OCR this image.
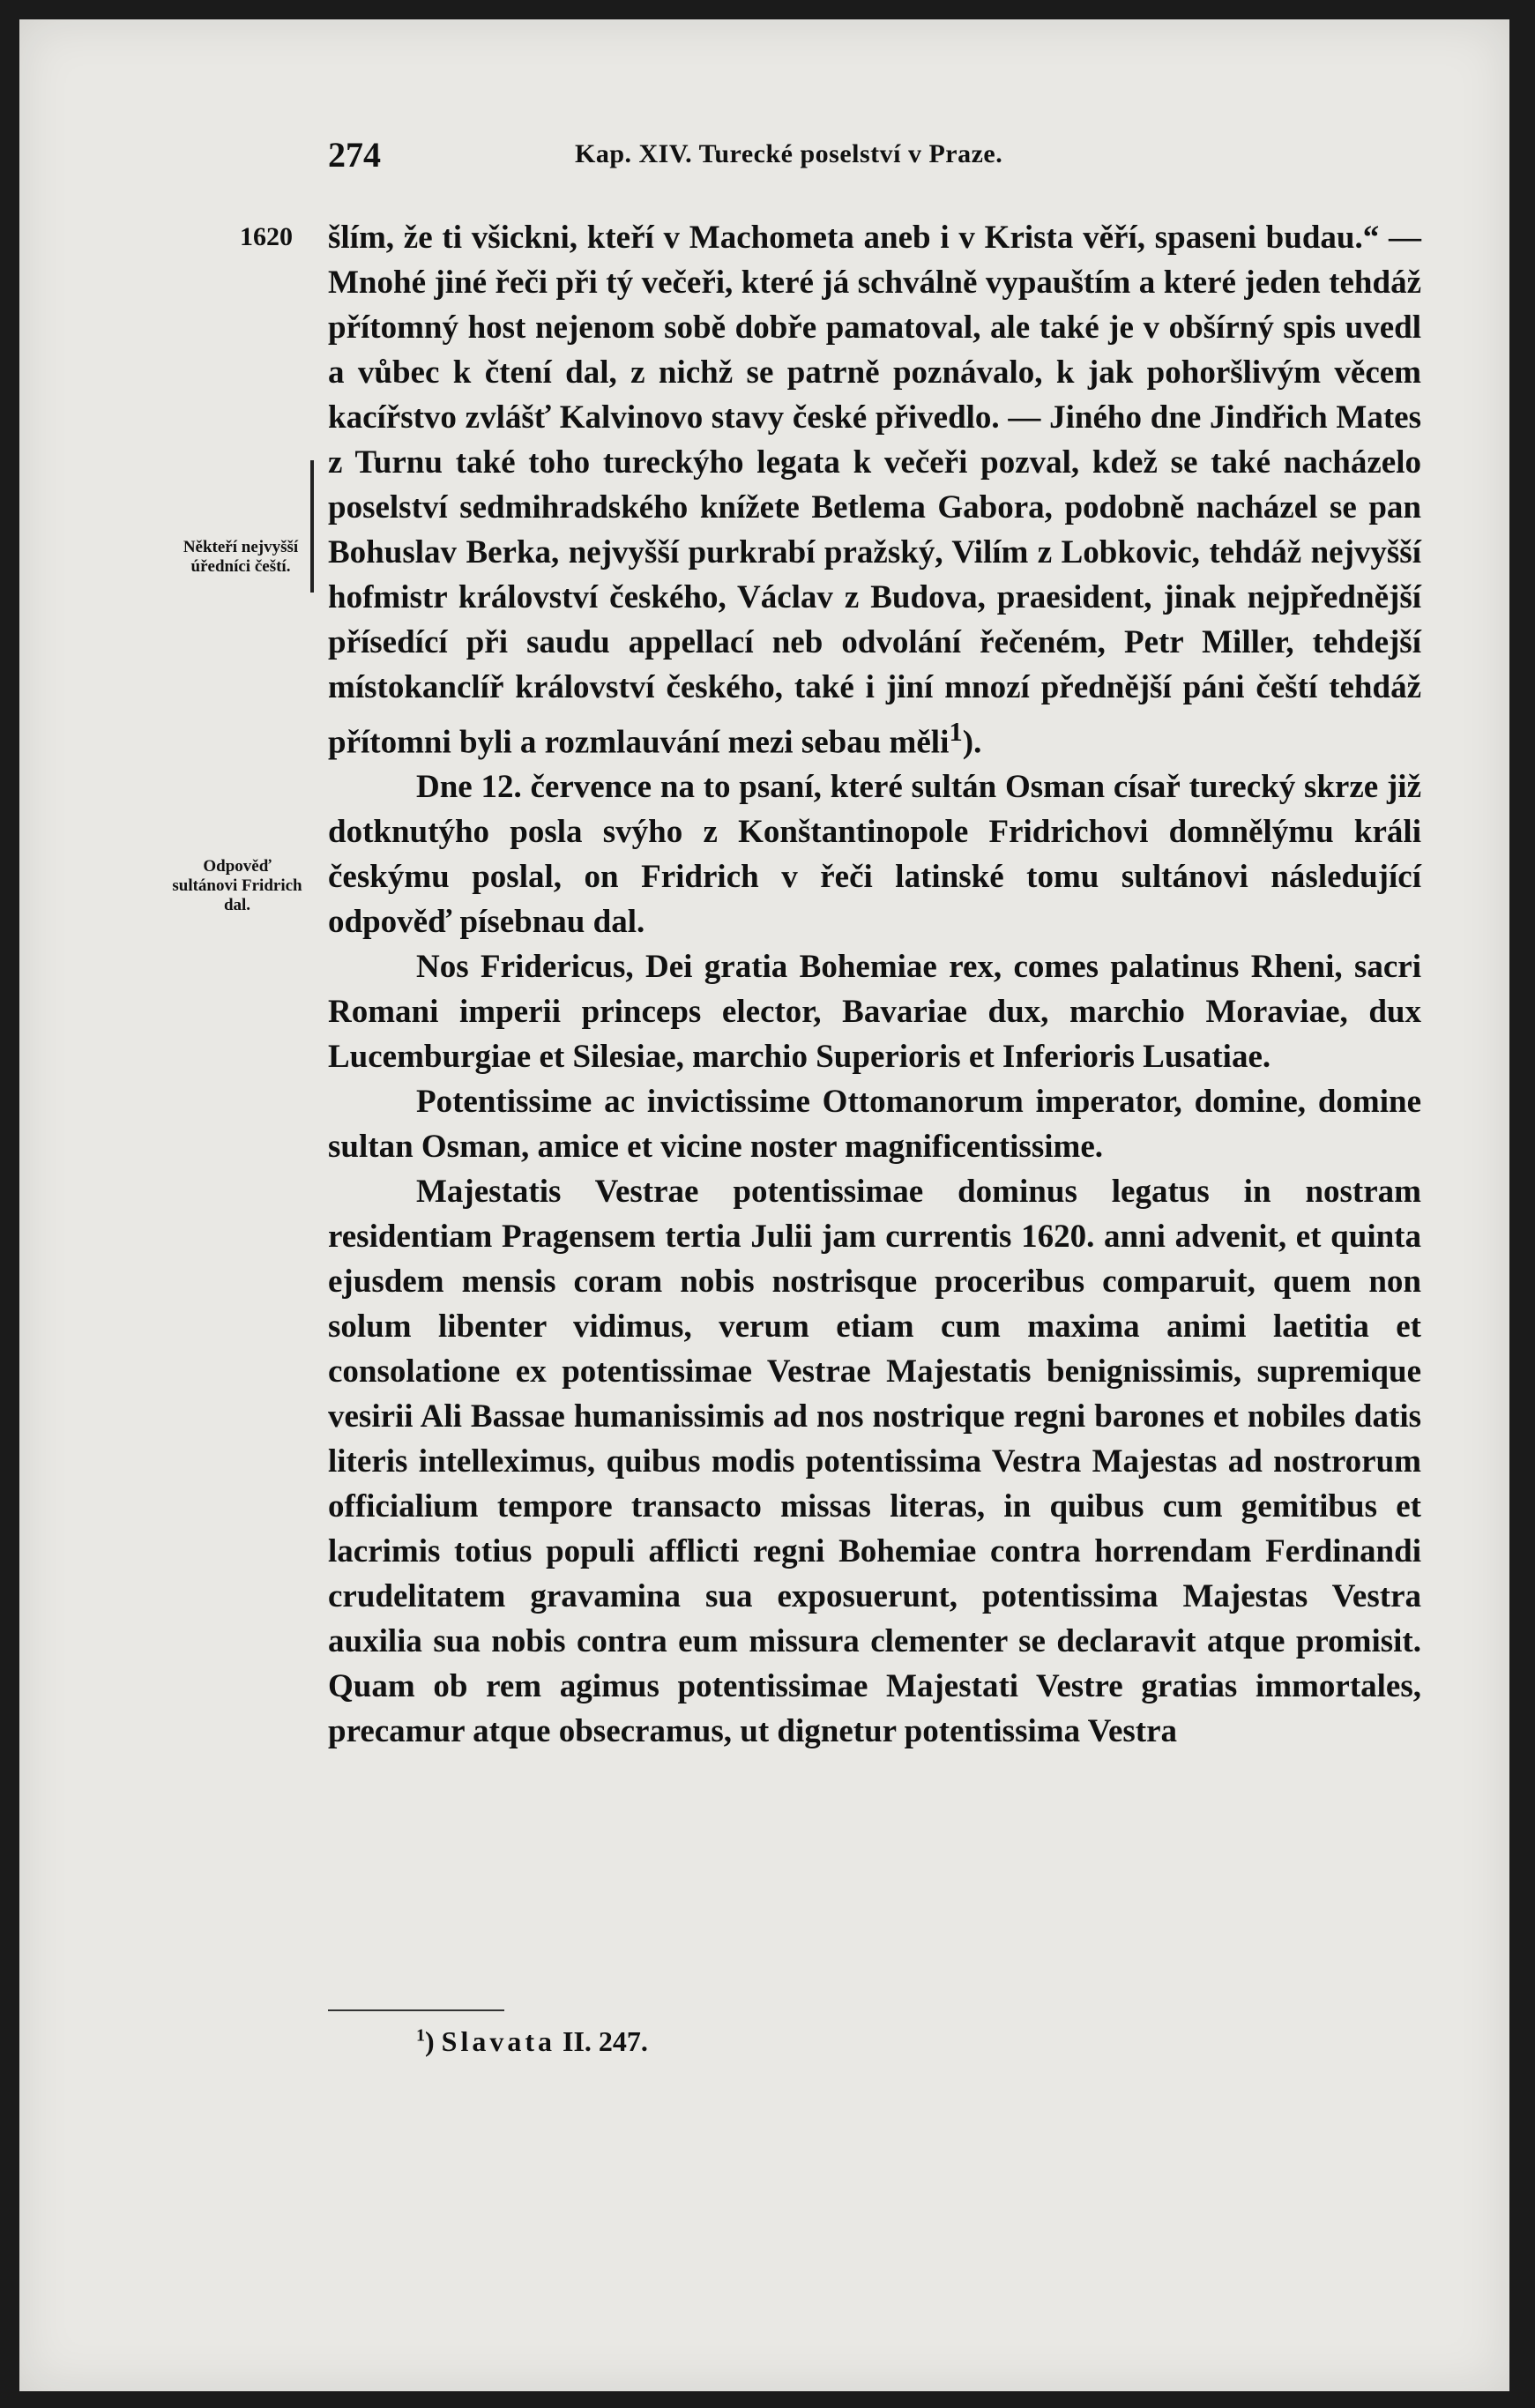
274	Kap. XIV. Turecké poselství v Praze.
1620
Někteří nejvyšší úředníci čeští.
Odpověď sultánovi Fridrich dal.

šlím, že ti všickni, kteří v Machometa aneb i v Krista věří, spaseni budau.“ — Mnohé jiné řeči při tý večeři, které já schválně vypauštím a které jeden tehdáž přítomný host nejenom sobě dobře pamatoval, ale také je v obšírný spis uvedl a vůbec k čtení dal, z nichž se patrně poznávalo, k jak pohoršlivým věcem kacířstvo zvlášť Kalvinovo stavy české přivedlo. — Jiného dne Jindřich Mates z Turnu také toho tureckýho legata k večeři pozval, kdež se také nacházelo poselství sedmihradského knížete Betlema Gabora, podobně nacházel se pan Bohuslav Berka, nejvyšší purkrabí pražský, Vilím z Lobkovic, tehdáž nejvyšší hofmistr království českého, Václav z Budova, praesident, jinak nejpřednější přísedící při saudu appellací neb odvolání řečeném, Petr Miller, tehdejší místokanclíř království českého, také i jiní mnozí přednější páni čeští tehdáž přítomni byli a rozmlauvání mezi sebau měli$^1$).

Dne 12. července na to psaní, které sultán Osman císař turecký skrze již dotknutýho posla svýho z Konštantinopole Fridrichovi domnělýmu králi českýmu poslal, on Fridrich v řeči latinské tomu sultánovi následující odpověď písebnau dal.

Nos Fridericus, Dei gratia Bohemiae rex, comes palatinus Rheni, sacri Romani imperii princeps elector, Bavariae dux, marchio Moraviae, dux Lucemburgiae et Silesiae, marchio Superioris et Inferioris Lusatiae.

Potentissime ac invictissime Ottomanorum imperator, domine, domine sultan Osman, amice et vicine noster magnificentissime.

Majestatis Vestrae potentissimae dominus legatus in nostram residentiam Pragensem tertia Julii jam currentis 1620. anni advenit, et quinta ejusdem mensis coram nobis nostrisque proceribus comparuit, quem non solum libenter vidimus, verum etiam cum maxima animi laetitia et consolatione ex potentissimae Vestrae Majestatis benignissimis, supremique vesirii Ali Bassae humanissimis ad nos nostrique regni barones et nobiles datis literis intelleximus, quibus modis potentissima Vestra Majestas ad nostrorum officialium tempore transacto missas literas, in quibus cum gemitibus et lacrimis totius populi afflicti regni Bohemiae contra horrendam Ferdinandi crudelitatem gravamina sua exposuerunt, potentissima Majestas Vestra auxilia sua nobis contra eum missura clementer se declaravit atque promisit. Quam ob rem agimus potentissimae Majestati Vestre gratias immortales, precamur atque obsecramus, ut dignetur potentissima Vestra

$^1$) Slavata II. 247.
